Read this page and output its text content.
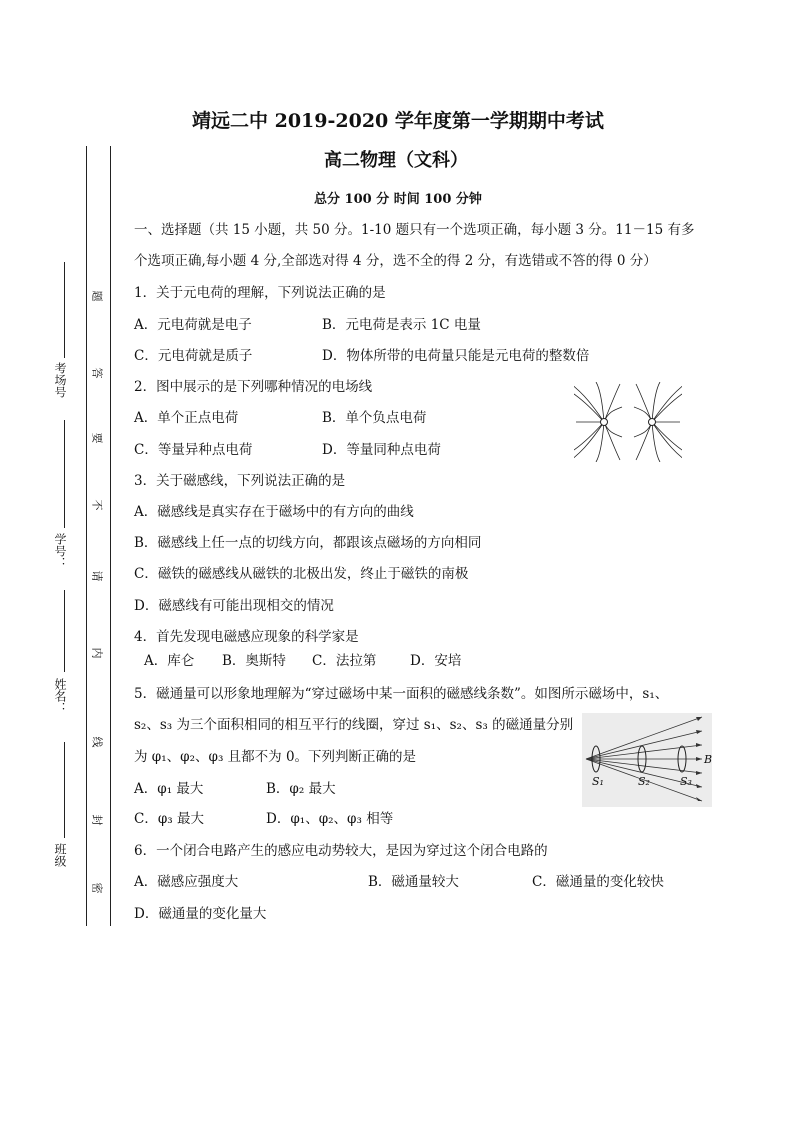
靖远二中 2019-2020 学年度第一学期期中考试
高二物理（文科）
总分 100 分 时间 100 分钟
考场号
学号：
姓名：
班级
题
答
要
不
请
内
线
封
密
一、选择题（共 15 小题，共 50 分。1-10 题只有一个选项正确，每小题 3 分。11－15 有多
个选项正确,每小题 4 分,全部选对得 4 分，选不全的得 2 分，有选错或不答的得 0 分）
1．关于元电荷的理解，下列说法正确的是
A．元电荷就是电子	B．元电荷是表示 1C 电量
C．元电荷就是质子	D．物体所带的电荷量只能是元电荷的整数倍
2．图中展示的是下列哪种情况的电场线
A．单个正点电荷	B．单个负点电荷
C．等量异种点电荷	D．等量同种点电荷
3．关于磁感线，下列说法正确的是
A．磁感线是真实存在于磁场中的有方向的曲线
B．磁感线上任一点的切线方向，都跟该点磁场的方向相同
C．磁铁的磁感线从磁铁的北极出发，终止于磁铁的南极
D．磁感线有可能出现相交的情况
4．首先发现电磁感应现象的科学家是
A．库仑 B．奥斯特 C．法拉第 D．安培
5．磁通量可以形象地理解为“穿过磁场中某一面积的磁感线条数”。如图所示磁场中，s₁、
s₂、s₃ 为三个面积相同的相互平行的线圈，穿过 s₁、s₂、s₃ 的磁通量分别
为 φ₁、φ₂、φ₃ 且都不为 0。下列判断正确的是
A．φ₁ 最大	B．φ₂ 最大
C．φ₃ 最大	D．φ₁、φ₂、φ₃ 相等
S₁	S₂	S₃
B
6．一个闭合电路产生的感应电动势较大，是因为穿过这个闭合电路的
A．磁感应强度大	B．磁通量较大	C．磁通量的变化较快
D．磁通量的变化量大
